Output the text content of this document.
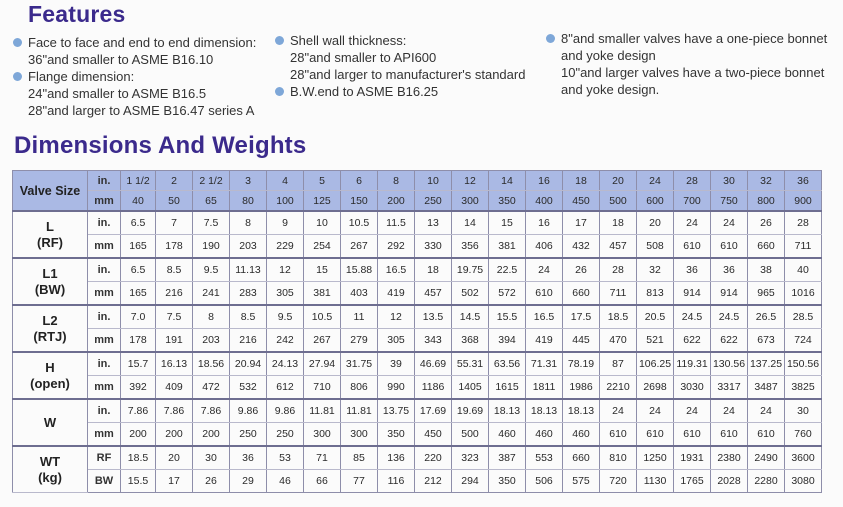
Features
Face to face and end to end dimension:
36"and smaller to ASME B16.10
Flange dimension:
24"and smaller to ASME B16.5
28"and larger to ASME B16.47 series A
Shell wall thickness:
28"and smaller to API600
28"and larger to manufacturer's standard
B.W.end to ASME B16.25
8"and smaller valves have a one-piece bonnet
and yoke design
10"and larger valves have a two-piece bonnet
and yoke design.
Dimensions And Weights
Valve Size	in.	1 1/2	2	2 1/2	3	4	5	6	8	10	12	14	16	18	20	24	28	30	32	36
	mm	40	50	65	80	100	125	150	200	250	300	350	400	450	500	600	700	750	800	900

L
(RF)	in.	6.5	7	7.5	8	9	10	10.5	11.5	13	14	15	16	17	18	20	24	24	26	28
	mm	165	178	190	203	229	254	267	292	330	356	381	406	432	457	508	610	610	660	711

L1
(BW)	in.	6.5	8.5	9.5	11.13	12	15	15.88	16.5	18	19.75	22.5	24	26	28	32	36	36	38	40
	mm	165	216	241	283	305	381	403	419	457	502	572	610	660	711	813	914	914	965	1016

L2
(RTJ)	in.	7.0	7.5	8	8.5	9.5	10.5	11	12	13.5	14.5	15.5	16.5	17.5	18.5	20.5	24.5	24.5	26.5	28.5
	mm	178	191	203	216	242	267	279	305	343	368	394	419	445	470	521	622	622	673	724

H
(open)	in.	15.7	16.13	18.56	20.94	24.13	27.94	31.75	39	46.69	55.31	63.56	71.31	78.19	87	106.25	119.31	130.56	137.25	150.56
	mm	392	409	472	532	612	710	806	990	1186	1405	1615	1811	1986	2210	2698	3030	3317	3487	3825

W	in.	7.86	7.86	7.86	9.86	9.86	11.81	11.81	13.75	17.69	19.69	18.13	18.13	18.13	24	24	24	24	24	30
	mm	200	200	200	250	250	300	300	350	450	500	460	460	460	610	610	610	610	610	760

WT
(kg)	RF	18.5	20	30	36	53	71	85	136	220	323	387	553	660	810	1250	1931	2380	2490	3600
	BW	15.5	17	26	29	46	66	77	116	212	294	350	506	575	720	1130	1765	2028	2280	3080
